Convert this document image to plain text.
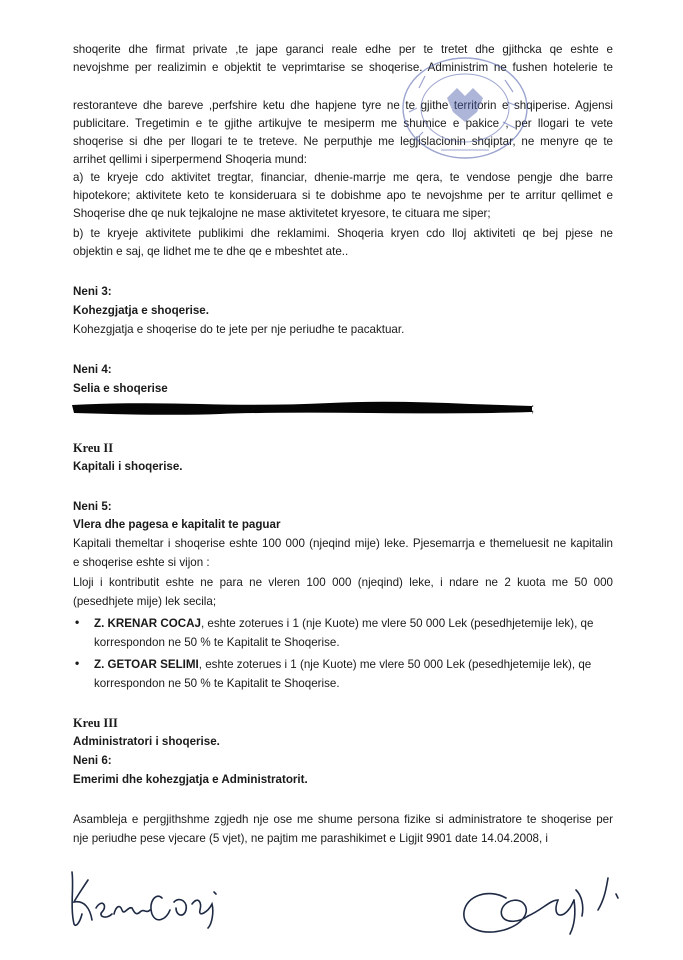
shoqerite dhe firmat private ,te jape garanci reale edhe per te tretet dhe gjithcka qe eshte e
nevojshme per realizimin e objektit te veprimtarise se shoqerise. Administrim ne fushen hotelerie te
restoranteve dhe bareve ,perfshire ketu dhe hapjene tyre ne te gjithe territorin e shqiperise. Agjensi
publicitare. Tregetimin e te gjithe artikujve te mesiperm me shumice e pakice , per llogari te vete
shoqerise si dhe per llogari te te treteve. Ne perputhje me legjislacionin shqiptar, ne menyre qe te
arrihet qellimi i siperpermend Shoqeria mund:
a) te kryeje cdo aktivitet tregtar, financiar, dhenie-marrje me qera, te vendose pengje dhe barre
hipotekore; aktivitete keto te konsideruara si te dobishme apo te nevojshme per te arritur qellimet e
Shoqerise dhe qe nuk tejkalojne ne mase aktivitetet kryesore, te cituara me siper;
b) te kryeje aktivitete publikimi dhe reklamimi. Shoqeria kryen cdo lloj aktiviteti qe bej pjese ne
objektin e saj, qe lidhet me te dhe qe e mbeshtet ate..
Neni 3:
Kohezgjatja e shoqerise.
Kohezgjatja e shoqerise do te jete per nje periudhe te pacaktuar.
Neni 4:
Selia e shoqerise
;
Kreu II
Kapitali i shoqerise.
Neni 5:
Vlera dhe pagesa e kapitalit te paguar
Kapitali themeltar i shoqerise eshte 100 000 (njeqind mije) leke. Pjesemarrja e themeluesit ne kapitalin
e shoqerise eshte si vijon :
Lloji i kontributit eshte ne para ne vleren 100 000 (njeqind) leke, i ndare ne 2 kuota me 50 000
(pesedhjete mije) lek secila;
• Z. KRENAR COCAJ, eshte zoterues i 1 (nje Kuote) me vlere 50 000 Lek (pesedhjetemije lek), qe
korrespondon ne 50 % te Kapitalit te Shoqerise.
• Z. GETOAR SELIMI, eshte zoterues i 1 (nje Kuote) me vlere 50 000 Lek (pesedhjetemije lek), qe
korrespondon ne 50 % te Kapitalit te Shoqerise.
Kreu III
Administratori i shoqerise.
Neni 6:
Emerimi dhe kohezgjatja e Administratorit.
Asambleja e pergjithshme zgjedh nje ose me shume persona fizike si administratore te shoqerise per
nje periudhe pese vjecare (5 vjet), ne pajtim me parashikimet e Ligjit 9901 date 14.04.2008, i
